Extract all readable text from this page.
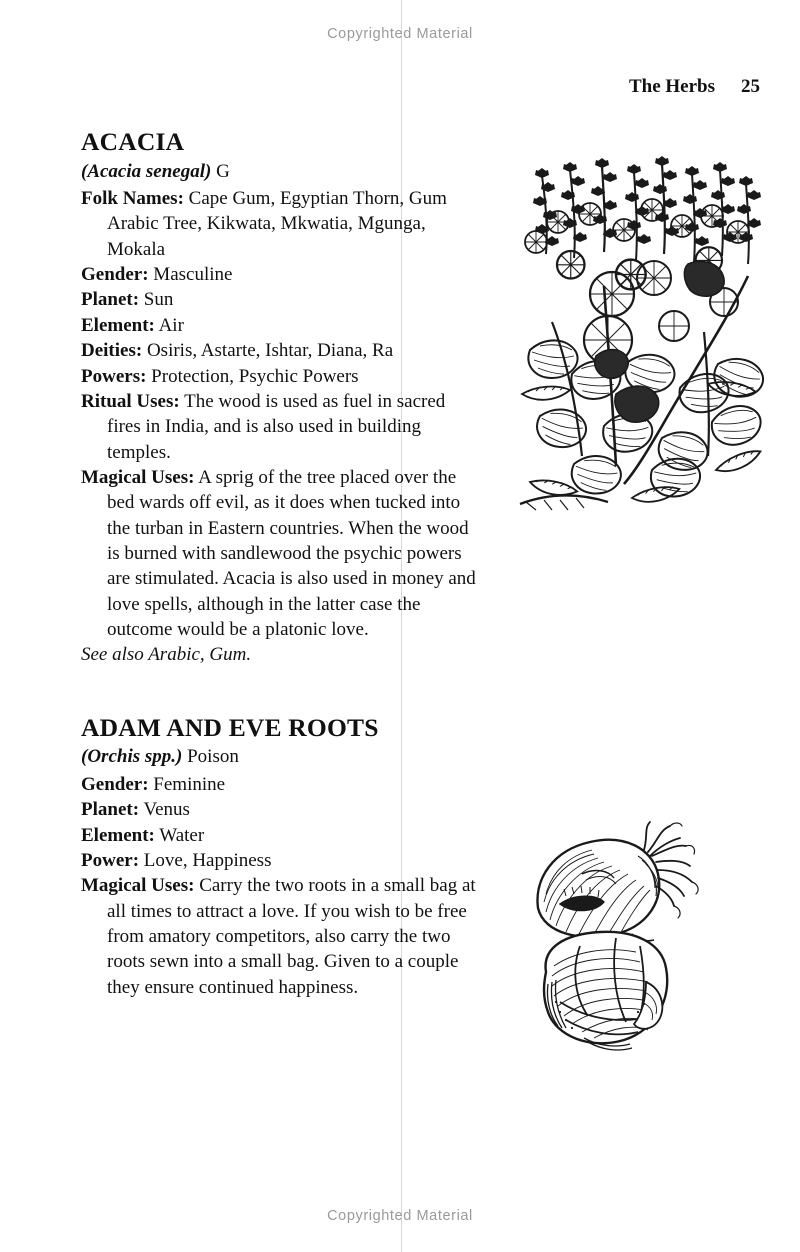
Copyrighted Material
The Herbs 25
ACACIA

(Acacia senegal) G

Folk Names: Cape Gum, Egyptian Thorn, Gum Arabic Tree, Kikwata, Mkwatia, Mgunga, Mokala

Gender: Masculine

Planet: Sun

Element: Air

Deities: Osiris, Astarte, Ishtar, Diana, Ra

Powers: Protection, Psychic Powers

Ritual Uses: The wood is used as fuel in sacred fires in India, and is also used in building temples.

Magical Uses: A sprig of the tree placed over the bed wards off evil, as it does when tucked into the turban in Eastern countries. When the wood is burned with sandlewood the psychic powers are stimulated. Acacia is also used in money and love spells, although in the latter case the outcome would be a platonic love.

See also Arabic, Gum.

ADAM AND EVE ROOTS

(Orchis spp.) Poison

Gender: Feminine

Planet: Venus

Element: Water

Power: Love, Happiness

Magical Uses: Carry the two roots in a small bag at all times to attract a love. If you wish to be free from amatory competitors, also carry the two roots sewn into a small bag. Given to a couple they ensure continued happiness.

Copyrighted Material
